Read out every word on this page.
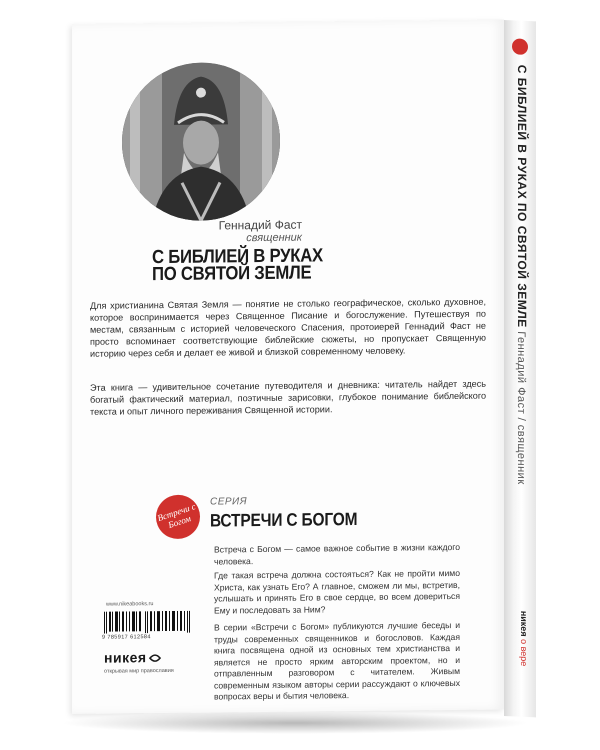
Геннадий Фаст
священник
С БИБЛИЕЙ В РУКАХ
ПО СВЯТОЙ ЗЕМЛЕ
Для христианина Святая Земля — понятие не столько географическое, сколько духовное, которое воспринимается через Священное Писание и богослужение. Путешествуя по местам, связанным с историей человеческого Спасения, протоиерей Геннадий Фаст не просто вспоминает соответствующие библейские сюжеты, но пропускает Священную историю через себя и делает ее живой и близкой современному человеку.
Эта книга — удивительное сочетание путеводителя и дневника: читатель найдет здесь богатый фактический материал, поэтичные зарисовки, глубокое понимание библейского текста и опыт личного переживания Священной истории.
Встречи с Богом
СЕРИЯ
ВСТРЕЧИ С БОГОМ
Встреча с Богом — самое важное событие в жизни каждого человека.
Где такая встреча должна состояться? Как не пройти мимо Христа, как узнать Его? А главное, сможем ли мы, встретив, услышать и принять Его в свое сердце, во всем довериться Ему и последовать за Ним?
В серии «Встречи с Богом» публикуются лучшие беседы и труды современных священников и богословов. Каждая книга посвящена одной из основных тем христианства и является не просто ярким авторским проектом, но и отправленным разговором с читателем. Живым современным языком авторы серии рассуждают о ключевых вопросах веры и бытия человека.
www.nikeabooks.ru
9 785917 612584
никея
открывая мир православия
С БИБЛИЕЙ В РУКАХ ПО СВЯТОЙ ЗЕМЛЕ Геннадий Фаст / священник
никея о вере
